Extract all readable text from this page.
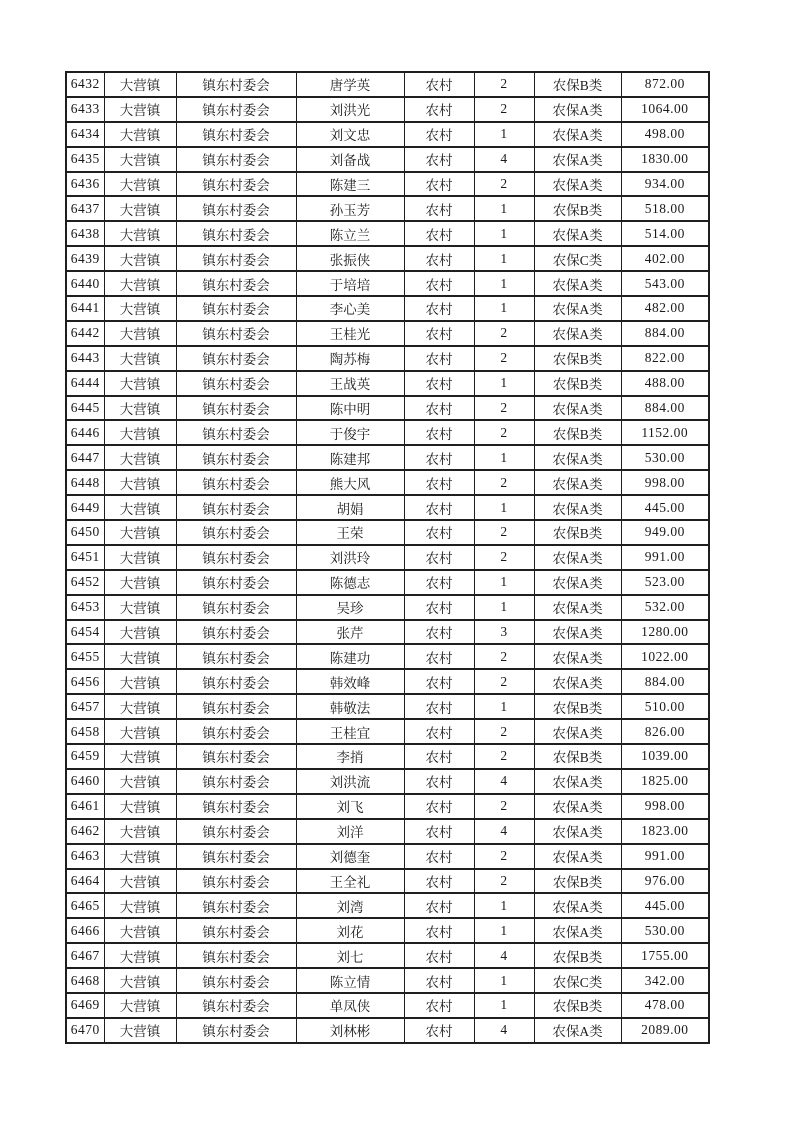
6432	大营镇	镇东村委会	唐学英	农村	2	农保B类	872.00
6433	大营镇	镇东村委会	刘洪光	农村	2	农保A类	1064.00
6434	大营镇	镇东村委会	刘文忠	农村	1	农保A类	498.00
6435	大营镇	镇东村委会	刘备战	农村	4	农保A类	1830.00
6436	大营镇	镇东村委会	陈建三	农村	2	农保A类	934.00
6437	大营镇	镇东村委会	孙玉芳	农村	1	农保B类	518.00
6438	大营镇	镇东村委会	陈立兰	农村	1	农保A类	514.00
6439	大营镇	镇东村委会	张振侠	农村	1	农保C类	402.00
6440	大营镇	镇东村委会	于培培	农村	1	农保A类	543.00
6441	大营镇	镇东村委会	李心美	农村	1	农保A类	482.00
6442	大营镇	镇东村委会	王桂光	农村	2	农保A类	884.00
6443	大营镇	镇东村委会	陶苏梅	农村	2	农保B类	822.00
6444	大营镇	镇东村委会	王战英	农村	1	农保B类	488.00
6445	大营镇	镇东村委会	陈中明	农村	2	农保A类	884.00
6446	大营镇	镇东村委会	于俊宇	农村	2	农保B类	1152.00
6447	大营镇	镇东村委会	陈建邦	农村	1	农保A类	530.00
6448	大营镇	镇东村委会	熊大风	农村	2	农保A类	998.00
6449	大营镇	镇东村委会	胡娟	农村	1	农保A类	445.00
6450	大营镇	镇东村委会	王荣	农村	2	农保B类	949.00
6451	大营镇	镇东村委会	刘洪玲	农村	2	农保A类	991.00
6452	大营镇	镇东村委会	陈德志	农村	1	农保A类	523.00
6453	大营镇	镇东村委会	吴珍	农村	1	农保A类	532.00
6454	大营镇	镇东村委会	张芹	农村	3	农保A类	1280.00
6455	大营镇	镇东村委会	陈建功	农村	2	农保A类	1022.00
6456	大营镇	镇东村委会	韩效峰	农村	2	农保A类	884.00
6457	大营镇	镇东村委会	韩敬法	农村	1	农保B类	510.00
6458	大营镇	镇东村委会	王桂宜	农村	2	农保A类	826.00
6459	大营镇	镇东村委会	李捎	农村	2	农保B类	1039.00
6460	大营镇	镇东村委会	刘洪流	农村	4	农保A类	1825.00
6461	大营镇	镇东村委会	刘飞	农村	2	农保A类	998.00
6462	大营镇	镇东村委会	刘洋	农村	4	农保A类	1823.00
6463	大营镇	镇东村委会	刘德奎	农村	2	农保A类	991.00
6464	大营镇	镇东村委会	王全礼	农村	2	农保B类	976.00
6465	大营镇	镇东村委会	刘湾	农村	1	农保A类	445.00
6466	大营镇	镇东村委会	刘花	农村	1	农保A类	530.00
6467	大营镇	镇东村委会	刘七	农村	4	农保B类	1755.00
6468	大营镇	镇东村委会	陈立情	农村	1	农保C类	342.00
6469	大营镇	镇东村委会	单凤侠	农村	1	农保B类	478.00
6470	大营镇	镇东村委会	刘林彬	农村	4	农保A类	2089.00
